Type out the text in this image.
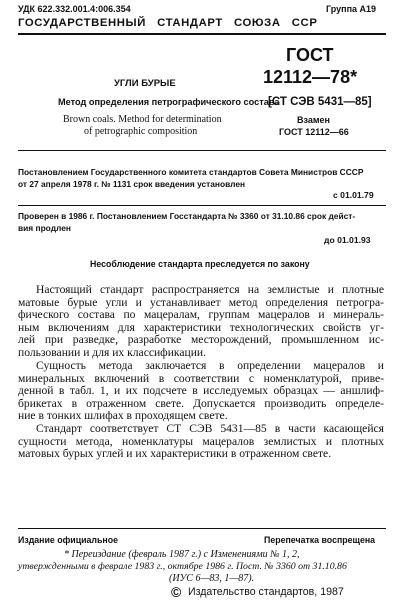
УДК 622.332.001.4:006.354	Группа А19
ГОСУДАРСТВЕННЫЙ   СТАНДАРТ   СОЮЗА   ССР
УГЛИ БУРЫЕ
Метод определения петрографического состава
Brown coals. Method for determination
of petrographic composition
ГОСТ
12112—78*
[СТ СЭВ 5431—85]
Взамен
ГОСТ 12112—66
Постановлением Государственного комитета стандартов Совета Министров СССР
от 27 апреля 1978 г. № 1131 срок введения установлен
с 01.01.79
Проверен в 1986 г. Постановлением Госстандарта № 3360 от 31.10.86 срок дейст-
вия продлен
до 01.01.93
Несоблюдение стандарта преследуется по закону
Настоящий стандарт распространяется на землистые и плотные
матовые бурые угли и устанавливает метод определения петрогра-
фического состава по мацералам, группам мацералов и минераль-
ным включениям для характеристики технологических свойств уг-
лей при разведке, разработке месторождений, промышленном ис-
пользовании и для их классификации.
Сущность метода заключается в определении мацералов и
минеральных включений в соответствии с номенклатурой, приве-
денной в табл. 1, и их подсчете в исследуемых образцах — аншлиф-
брикетах в отраженном свете. Допускается производить определе-
ние в тонких шлифах в проходящем свете.
Стандарт соответствует СТ СЭВ 5431—85 в части касающейся
сущности метода, номенклатуры мацералов землистых и плотных
матовых бурых углей и их характеристики в отраженном свете.
Издание официальное	Перепечатка воспрещена
* Переиздание (февраль 1987 г.) с Изменениями № 1, 2,
утвержденными в феврале 1983 г., октябре 1986 г. Пост. № 3360 от 31.10.86
(ИУС 6—83, 1—87).
© Издательство стандартов, 1987
